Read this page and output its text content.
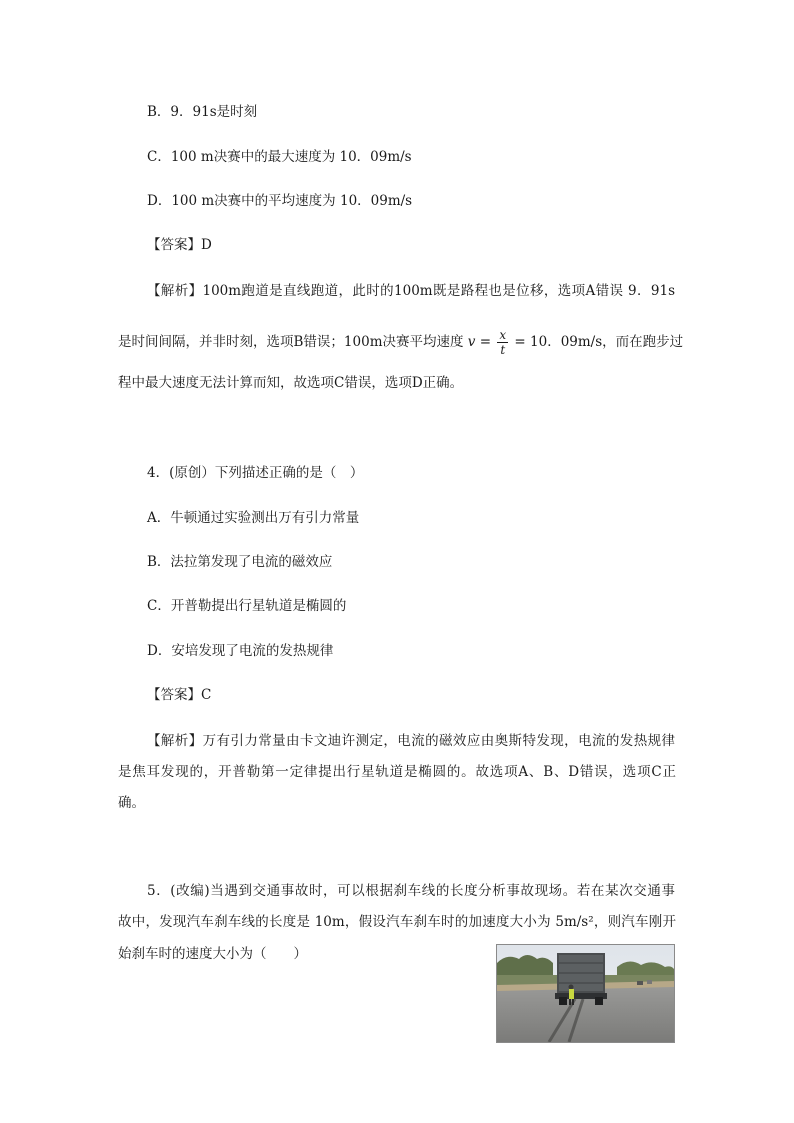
B．9．91s是时刻
C．100 m决赛中的最大速度为 10．09m/s
D．100 m决赛中的平均速度为 10．09m/s
【答案】D
【解析】100m跑道是直线跑道，此时的100m既是路程也是位移，选项A错误 9．91s
是时间间隔，并非时刻，选项B错误；100m决赛平均速度 $v = \frac{x}{t} = 10$．09m/s，而在跑步过
程中最大速度无法计算而知，故选项C错误，选项D正确。
4．(原创）下列描述正确的是（　）
A．牛顿通过实验测出万有引力常量
B．法拉第发现了电流的磁效应
C．开普勒提出行星轨道是椭圆的
D．安培发现了电流的发热规律
【答案】C
【解析】万有引力常量由卡文迪许测定，电流的磁效应由奥斯特发现，电流的发热规律
是焦耳发现的，开普勒第一定律提出行星轨道是椭圆的。故选项A、B、D错误，选项C正
确。
5．(改编)当遇到交通事故时，可以根据刹车线的长度分析事故现场。若在某次交通事
故中，发现汽车刹车线的长度是 10m，假设汽车刹车时的加速度大小为 5m/s²，则汽车刚开
始刹车时的速度大小为（　　）
